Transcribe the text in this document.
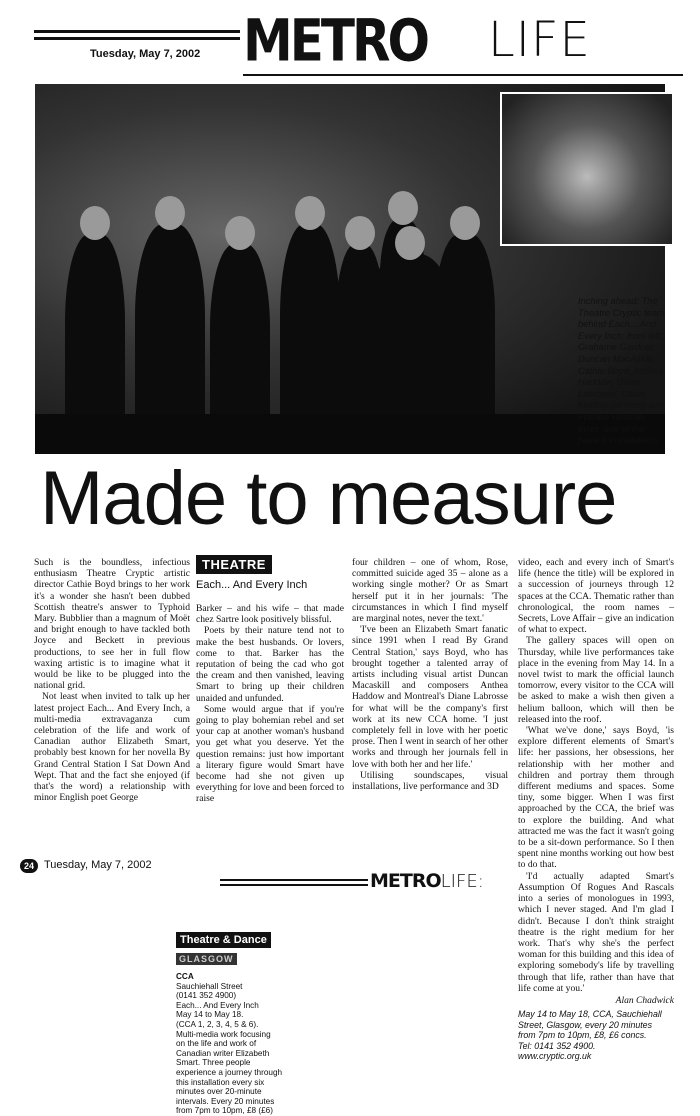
Tuesday, May 7, 2002 METRO LIFE
Inching ahead: The
Theatre Cryptic team
behind Each... And
Every Inch; from left,
Grahame Gardner,
Duncan MacAskill,
Cathie Boyd, Anthea
Haddow, Diane
Labrosse, Claire
Findlay (at front) and
Frankie Hodson.
Inset, one of the
piece's installations
Made to measure

Such is the boundless, infectious enthusiasm Theatre Cryptic artistic director Cathie Boyd brings to her work it's a wonder she hasn't been dubbed Scottish theatre's answer to Typhoid Mary. Bubblier than a magnum of Moët and bright enough to have tackled both Joyce and Beckett in previous productions, to see her in full flow waxing artistic is to imagine what it would be like to be plugged into the national grid.

Not least when invited to talk up her latest project Each... And Every Inch, a multi-media extravaganza cum celebration of the life and work of Canadian author Elizabeth Smart, probably best known for her novella By Grand Central Station I Sat Down And Wept. That and the fact she enjoyed (if that's the word) a relationship with minor English poet George

THEATRE
Each... And Every Inch

Barker – and his wife – that made chez Sartre look positively blissful.

Poets by their nature tend not to make the best husbands. Or lovers, come to that. Barker has the reputation of being the cad who got the cream and then vanished, leaving Smart to bring up their children unaided and unfunded.

Some would argue that if you're going to play bohemian rebel and set your cap at another woman's husband you get what you deserve. Yet the question remains: just how important a literary figure would Smart have become had she not given up everything for love and been forced to raise

four children – one of whom, Rose, committed suicide aged 35 – alone as a working single mother? Or as Smart herself put it in her journals: 'The circumstances in which I find myself are marginal notes, never the text.'

'I've been an Elizabeth Smart fanatic since 1991 when I read By Grand Central Station,' says Boyd, who has brought together a talented array of artists including visual artist Duncan Macaskill and composers Anthea Haddow and Montreal's Diane Labrosse for what will be the company's first work at its new CCA home. 'I just completely fell in love with her poetic prose. Then I went in search of her other works and through her journals fell in love with both her and her life.'

Utilising soundscapes, visual installations, live performance and 3D

video, each and every inch of Smart's life (hence the title) will be explored in a succession of journeys through 12 spaces at the CCA. Thematic rather than chronological, the room names – Secrets, Love Affair – give an indication of what to expect.

The gallery spaces will open on Thursday, while live performances take place in the evening from May 14. In a novel twist to mark the official launch tomorrow, every visitor to the CCA will be asked to make a wish then given a helium balloon, which will then be released into the roof.

'What we've done,' says Boyd, 'is explore different elements of Smart's life: her passions, her obsessions, her relationship with her mother and children and portray them through different mediums and spaces. Some tiny, some bigger. When I was first approached by the CCA, the brief was to explore the building. And what attracted me was the fact it wasn't going to be a sit-down performance. So I then spent nine months working out how best to do that.

'I'd actually adapted Smart's Assumption Of Rogues And Rascals into a series of monologues in 1993, which I never staged. And I'm glad I didn't. Because I don't think straight theatre is the right medium for her work. That's why she's the perfect woman for this building and this idea of exploring somebody's life by travelling through that life, rather than have that life come at you.'

Alan Chadwick
May 14 to May 18, CCA, Sauchiehall
Street, Glasgow, every 20 minutes
from 7pm to 10pm, £8, £6 concs.
Tel: 0141 352 4900.
www.cryptic.org.uk
24 Tuesday, May 7, 2002
METROLIFE:
Theatre & Dance GLASGOW
CCA
Sauchiehall Street
(0141 352 4900)
Each... And Every Inch
May 14 to May 18.
(CCA 1, 2, 3, 4, 5 & 6).
Multi-media work focusing
on the life and work of
Canadian writer Elizabeth
Smart. Three people
experience a journey through
this installation every six
minutes over 20-minute
intervals. Every 20 minutes
from 7pm to 10pm, £8 (£6)
